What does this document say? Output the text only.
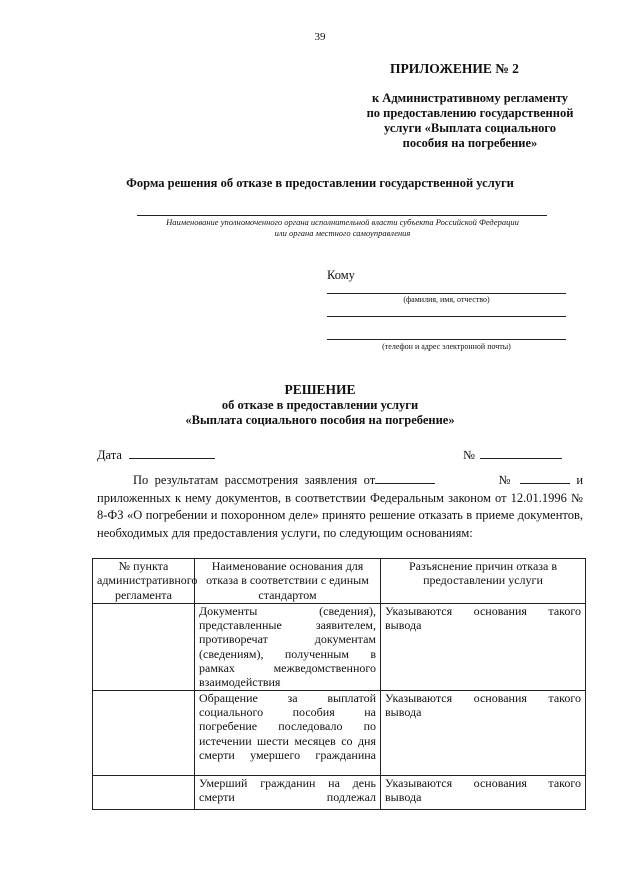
39
ПРИЛОЖЕНИЕ № 2
к Административному регламенту
по предоставлению государственной
услуги «Выплата социального
пособия на погребение»
Форма решения об отказе в предоставлении государственной услуги
Наименование уполномоченного органа исполнительной власти субъекта Российской Федерации
или органа местного самоуправления
Кому
(фамилия, имя, отчество)
(телефон и адрес электронной почты)
РЕШЕНИЕ
об отказе в предоставлении услуги
«Выплата социального пособия на погребение»
Дата	№
По результатам рассмотрения заявления от	№	и приложенных к нему документов, в соответствии Федеральным законом от 12.01.1996 № 8-ФЗ «О погребении и похоронном деле» принято решение отказать в приеме документов, необходимых для предоставления услуги, по следующим основаниям:
№ пункта административного регламента	Наименование основания для отказа в соответствии с единым стандартом	Разъяснение причин отказа в предоставлении услуги
	Документы (сведения), представленные заявителем, противоречат документам (сведениям), полученным в рамках межведомственного взаимодействия	Указываются основания такого вывода
	Обращение за выплатой социального пособия на погребение последовало по истечении шести месяцев со дня смерти умершего гражданина	Указываются основания такого вывода
	Умерший гражданин на день смерти подлежал	Указываются основания такого вывода
